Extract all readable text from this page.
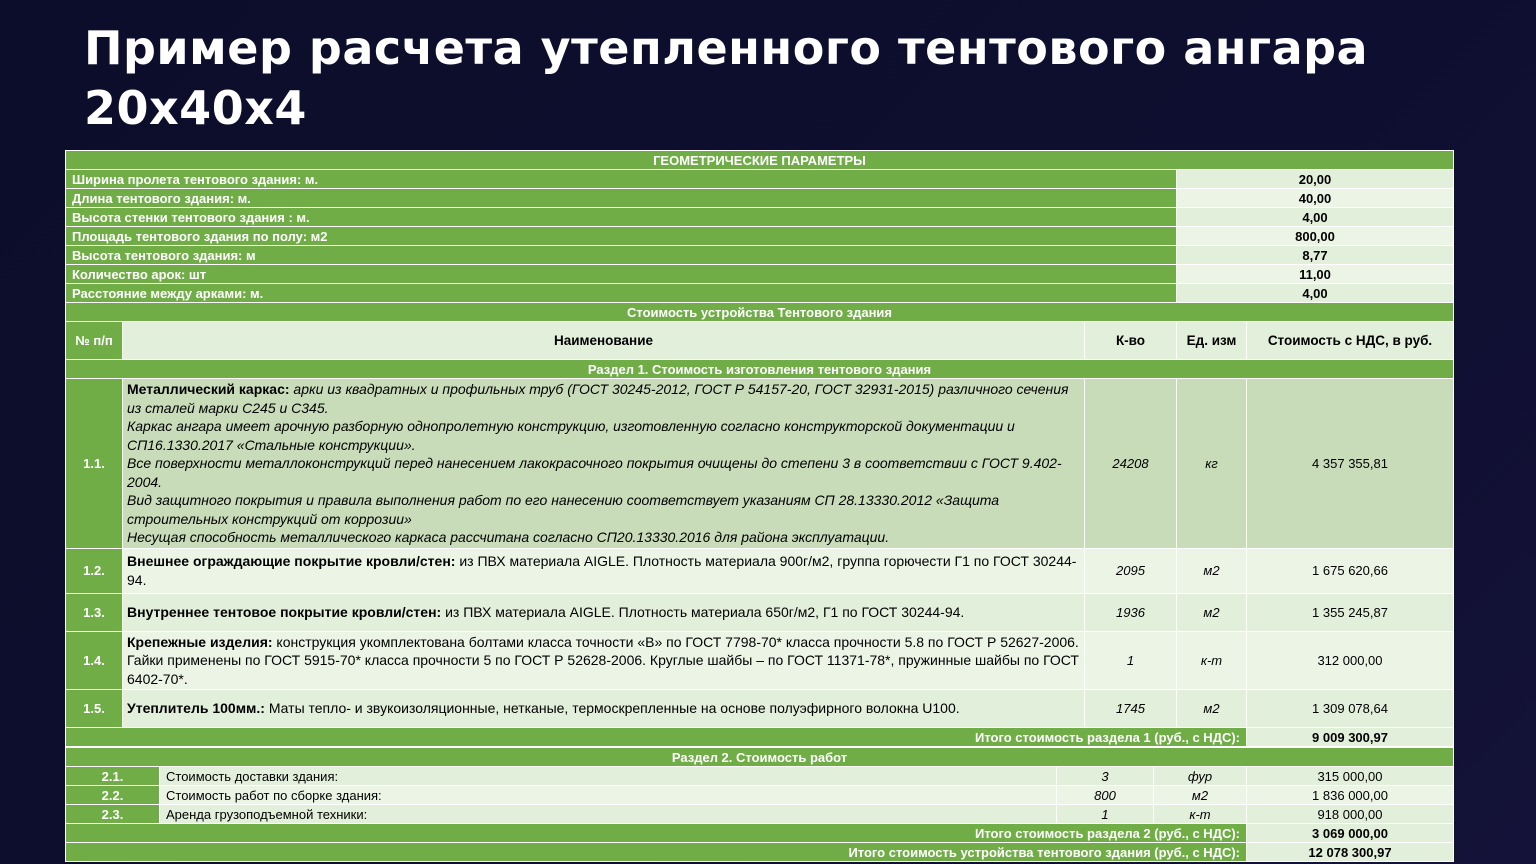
Пример расчета утепленного тентового ангара 20х40х4
ГЕОМЕТРИЧЕСКИЕ ПАРАМЕТРЫ				
Ширина пролета тентового здания: м.			20,00	
Длина тентового здания: м.			40,00	
Высота стенки тентового здания : м.			4,00	
Площадь тентового здания по полу: м2			800,00	
Высота тентового здания: м			8,77	
Количество арок: шт			11,00	
Расстояние между арками: м.			4,00	
Стоимость устройства Тентового здания				
№ п/п	Наименование	К-во	Ед. изм	Стоимость с НДС, в руб.
Раздел 1. Стоимость изготовления тентового здания				
1.1.	Металлический каркас: арки из квадратных и профильных труб (ГОСТ 30245-2012, ГОСТ Р 54157-20, ГОСТ 32931-2015) различного сечения из сталей марки С245 и С345.
Каркас ангара имеет арочную разборную однопролетную конструкцию, изготовленную согласно конструкторской документации и СП16.1330.2017 «Стальные конструкции».
Все поверхности металлоконструкций перед нанесением лакокрасочного покрытия очищены до степени 3 в соответствии с ГОСТ 9.402-2004.
Вид защитного покрытия и правила выполнения работ по его нанесению соответствует указаниям СП 28.13330.2012 «Защита строительных конструкций от коррозии»
Несущая способность металлического каркаса рассчитана согласно СП20.13330.2016 для района эксплуатации.	24208	кг	4 357 355,81
1.2.	Внешнее ограждающие покрытие кровли/стен: из ПВХ материала AIGLE. Плотность материала 900г/м2, группа горючести Г1 по ГОСТ 30244-94.	2095	м2	1 675 620,66
1.3.	Внутреннее тентовое покрытие кровли/стен: из ПВХ материала AIGLE. Плотность материала 650г/м2, Г1 по ГОСТ 30244-94.	1936	м2	1 355 245,87
1.4.	Крепежные изделия: конструкция укомплектована болтами класса точности «В» по ГОСТ 7798-70* класса прочности 5.8 по ГОСТ Р 52627-2006. Гайки применены по ГОСТ 5915-70* класса прочности 5 по ГОСТ Р 52628-2006. Круглые шайбы – по ГОСТ 11371-78*, пружинные шайбы по ГОСТ 6402-70*.	1	к-т	312 000,00
1.5.	Утеплитель 100мм.: Маты тепло- и звукоизоляционные, нетканые, термоскрепленные на основе полуэфирного волокна U100.	1745	м2	1 309 078,64
Итого стоимость раздела 1 (руб., с НДС):				9 009 300,97
Раздел 2. Стоимость работ				
2.1.	Стоимость доставки здания:	3	фур	315 000,00
2.2.	Стоимость работ по сборке здания:	800	м2	1 836 000,00
2.3.	Аренда грузоподъемной техники:	1	к-т	918 000,00
Итого стоимость раздела 2 (руб., с НДС):				3 069 000,00
Итого стоимость устройства тентового здания (руб., с НДС):				12 078 300,97
